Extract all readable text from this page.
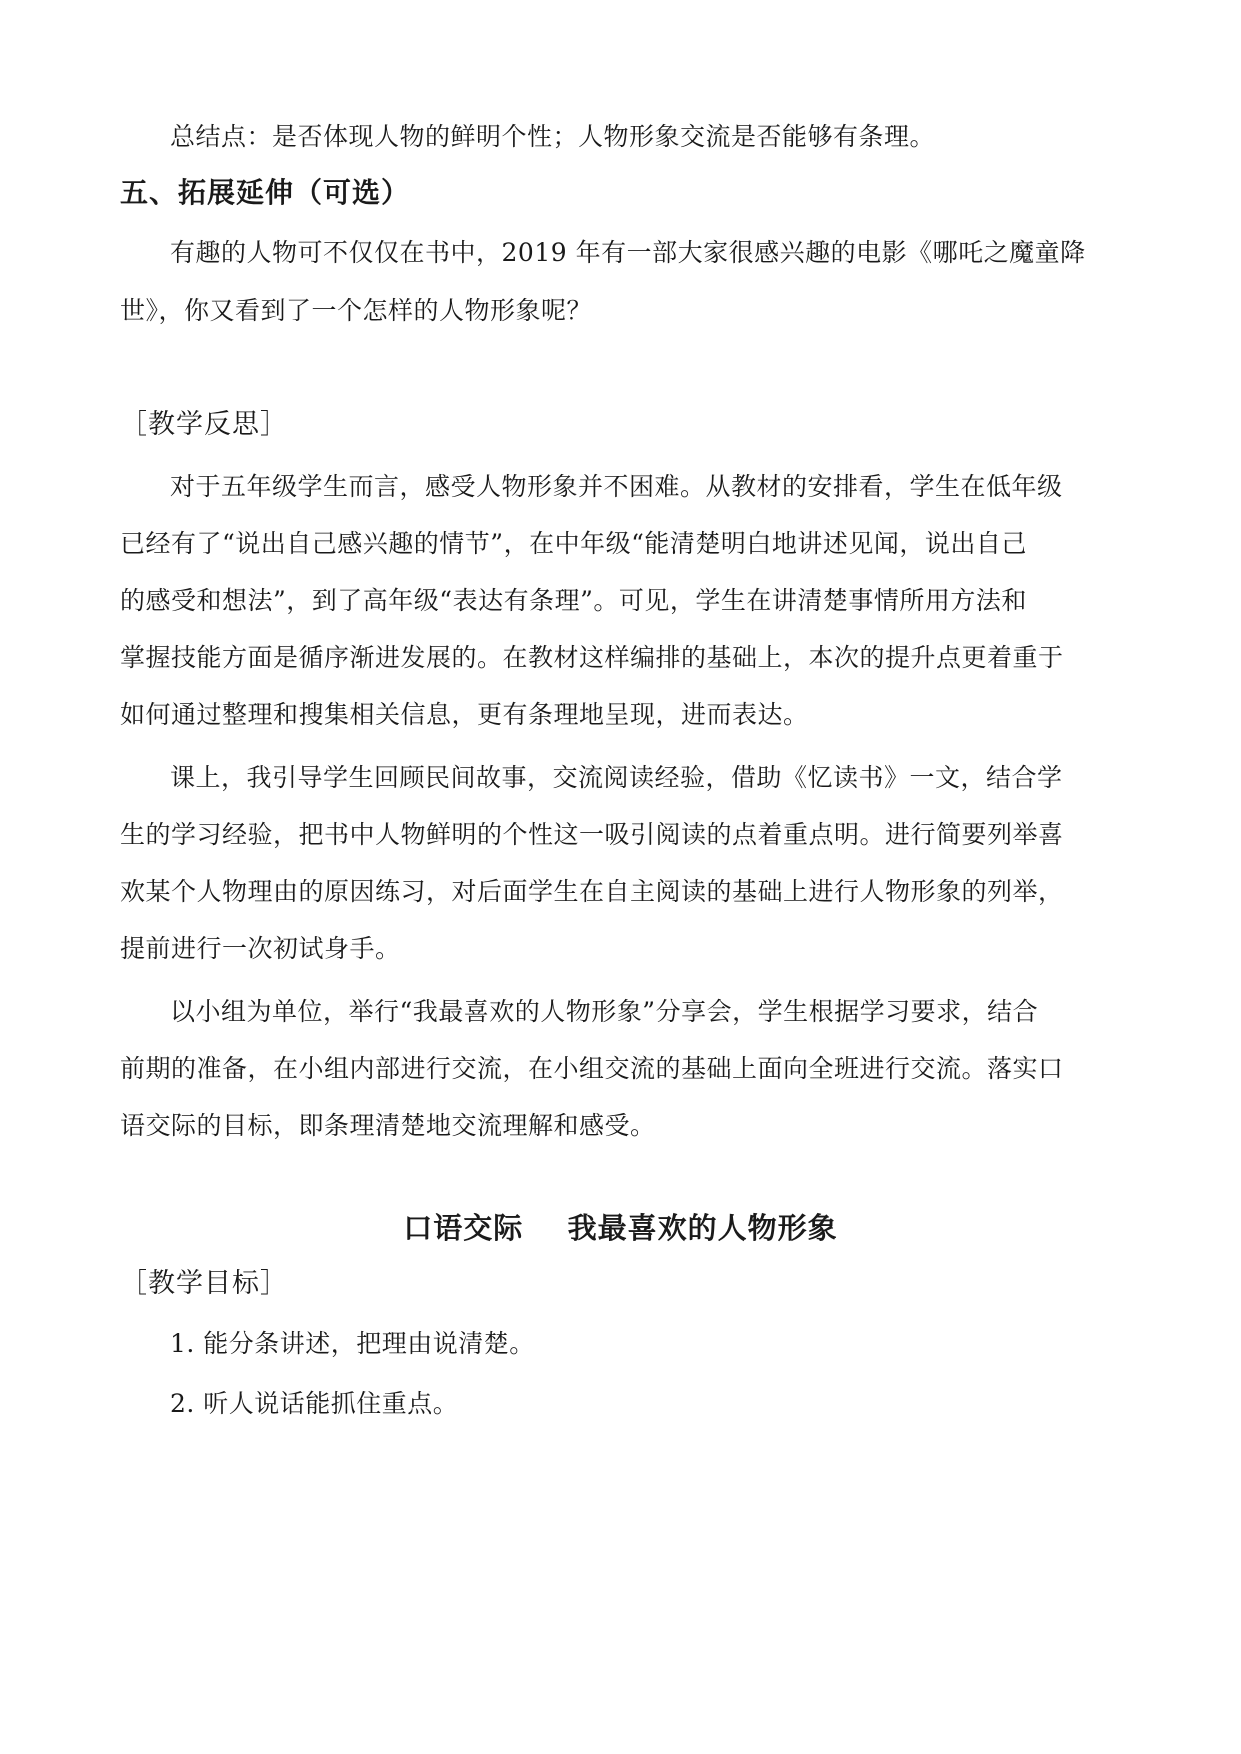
总结点：是否体现人物的鲜明个性；人物形象交流是否能够有条理。
五、拓展延伸（可选）
有趣的人物可不仅仅在书中，2019 年有一部大家很感兴趣的电影《哪吒之魔童降
世》，你又看到了一个怎样的人物形象呢？
［教学反思］
对于五年级学生而言，感受人物形象并不困难。从教材的安排看，学生在低年级
已经有了“说出自己感兴趣的情节”，在中年级“能清楚明白地讲述见闻，说出自己
的感受和想法”，到了高年级“表达有条理”。可见，学生在讲清楚事情所用方法和
掌握技能方面是循序渐进发展的。在教材这样编排的基础上，本次的提升点更着重于
如何通过整理和搜集相关信息，更有条理地呈现，进而表达。
课上，我引导学生回顾民间故事，交流阅读经验，借助《忆读书》一文，结合学
生的学习经验，把书中人物鲜明的个性这一吸引阅读的点着重点明。进行简要列举喜
欢某个人物理由的原因练习，对后面学生在自主阅读的基础上进行人物形象的列举，
提前进行一次初试身手。
以小组为单位，举行“我最喜欢的人物形象”分享会，学生根据学习要求，结合
前期的准备，在小组内部进行交流，在小组交流的基础上面向全班进行交流。落实口
语交际的目标，即条理清楚地交流理解和感受。
口语交际    我最喜欢的人物形象
［教学目标］
1. 能分条讲述，把理由说清楚。
2. 听人说话能抓住重点。
